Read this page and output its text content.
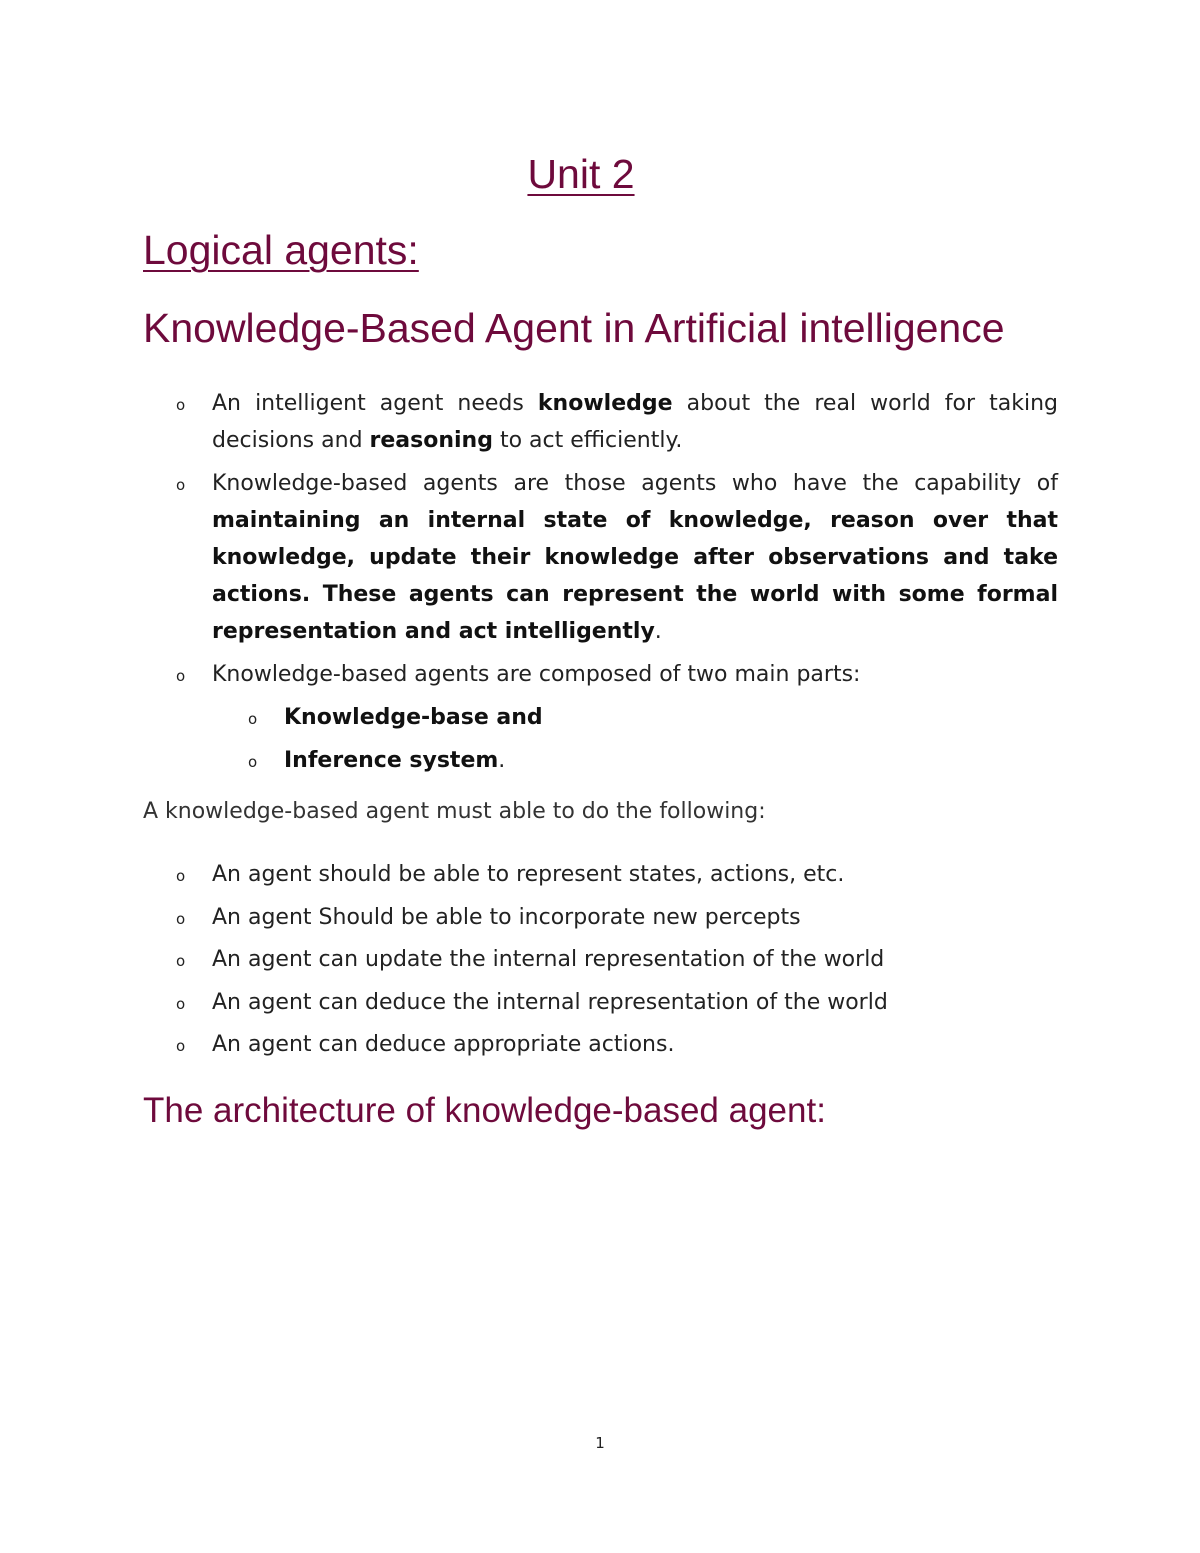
Unit 2
Logical agents:
Knowledge-Based Agent in Artificial intelligence
o An intelligent agent needs knowledge about the real world for taking decisions and reasoning to act efficiently.
o Knowledge-based agents are those agents who have the capability of maintaining an internal state of knowledge, reason over that knowledge, update their knowledge after observations and take actions. These agents can represent the world with some formal representation and act intelligently.
o Knowledge-based agents are composed of two main parts:
o Knowledge-base and
o Inference system.

A knowledge-based agent must able to do the following:

o An agent should be able to represent states, actions, etc.
o An agent Should be able to incorporate new percepts
o An agent can update the internal representation of the world
o An agent can deduce the internal representation of the world
o An agent can deduce appropriate actions.
The architecture of knowledge-based agent:
1
